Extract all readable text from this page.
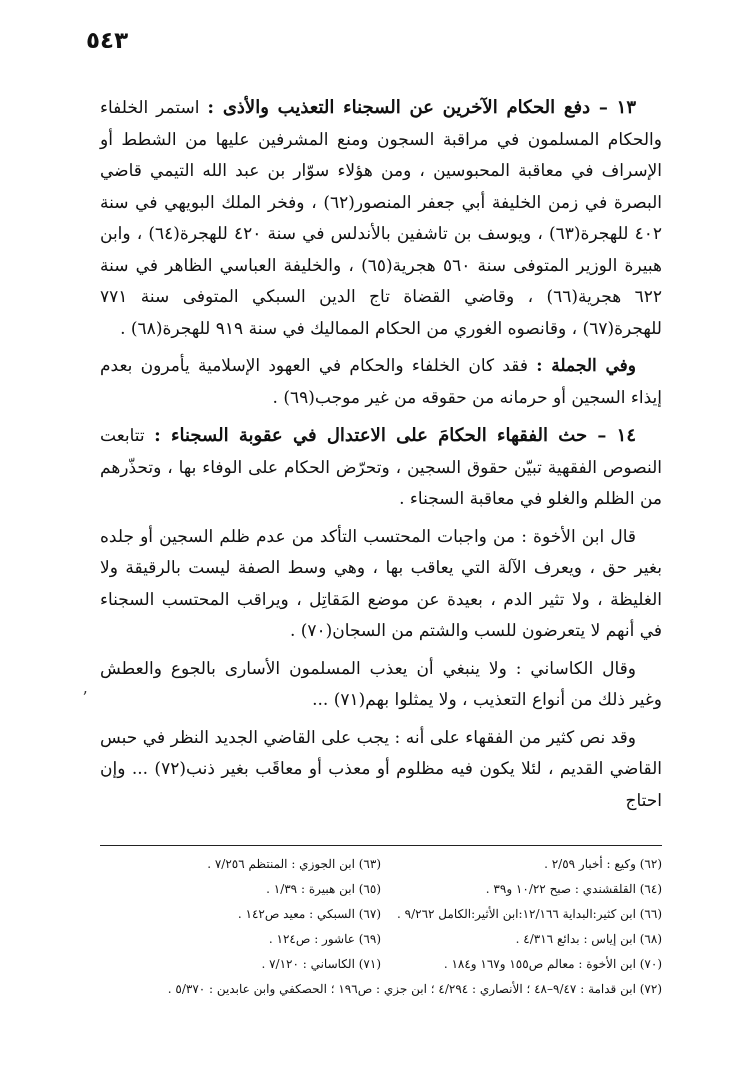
٥٤٣
ʼ

١٣ – دفع الحكام الآخرين عن السجناء التعذيب والأذى : استمر الخلفاء والحكام المسلمون في مراقبة السجون ومنع المشرفين عليها من الشطط أو الإسراف في معاقبة المحبوسين ، ومن هؤلاء سوّار بن عبد الله التيمي قاضي البصرة في زمن الخليفة أبي جعفر المنصور(٦٢) ، وفخر الملك البويهي في سنة ٤٠٢ للهجرة(٦٣) ، ويوسف بن تاشفين بالأندلس في سنة ٤٢٠ للهجرة(٦٤) ، وابن هبيرة الوزير المتوفى سنة ٥٦٠ هجرية(٦٥) ، والخليفة العباسي الظاهر في سنة ٦٢٢ هجرية(٦٦) ، وقاضي القضاة تاج الدين السبكي المتوفى سنة ٧٧١ للهجرة(٦٧) ، وقانصوه الغوري من الحكام المماليك في سنة ٩١٩ للهجرة(٦٨) .

وفي الجملة : فقد كان الخلفاء والحكام في العهود الإسلامية يأمرون بعدم إيذاء السجين أو حرمانه من حقوقه من غير موجب(٦٩) .

١٤ – حث الفقهاء الحكامَ على الاعتدال في عقوبة السجناء : تتابعت النصوص الفقهية تبيّن حقوق السجين ، وتحرّض الحكام على الوفاء بها ، وتحذّرهم من الظلم والغلو في معاقبة السجناء .

قال ابن الأخوة : من واجبات المحتسب التأكد من عدم ظلم السجين أو جلده بغير حق ، ويعرف الآلة التي يعاقب بها ، وهي وسط الصفة ليست بالرقيقة ولا الغليظة ، ولا تثير الدم ، بعيدة عن موضع المَقاتِل ، ويراقب المحتسب السجناء في أنهم لا يتعرضون للسب والشتم من السجان(٧٠) .

وقال الكاساني : ولا ينبغي أن يعذب المسلمون الأسارى بالجوع والعطش وغير ذلك من أنواع التعذيب ، ولا يمثلوا بهم(٧١) ...

وقد نص كثير من الفقهاء على أنه : يجب على القاضي الجديد النظر في حبس القاضي القديم ، لئلا يكون فيه مظلوم أو معذب أو معاقَب بغير ذنب(٧٢) ... وإن احتاج

(٦٢) وكيع : أخبار ٢/٥٩ .
(٦٣) ابن الجوزي : المنتظم ٧/٢٥٦ .
(٦٤) القلقشندي : صبح ١٠/٢٢ و٣٩ .
(٦٥) ابن هبيرة : ١/٣٩ .
(٦٦) ابن كثير:البداية ١٢/١٦٦:ابن الأثير:الكامل ٩/٢٦٢ .
(٦٧) السبكي : معيد ص١٤٢ .
(٦٨) ابن إياس : بدائع ٤/٣١٦ .
(٦٩) عاشور : ص١٢٤ .
(٧٠) ابن الأخوة : معالم ص١٥٥ و١٦٧ و١٨٤ .
(٧١) الكاساني : ٧/١٢٠ .
(٧٢) ابن قدامة : ٩/٤٧–٤٨ ؛ الأنصاري : ٤/٢٩٤ ؛ ابن جزي : ص١٩٦ ؛ الحصكفي وابن عابدين : ٥/٣٧٠ .
